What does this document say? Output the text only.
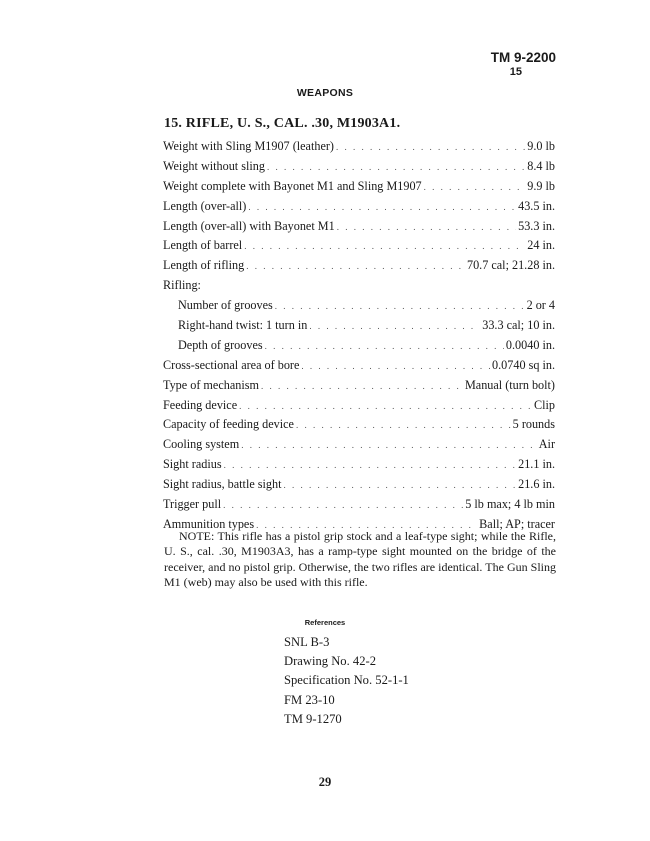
TM 9-2200
15
WEAPONS
15. RIFLE, U. S., CAL. .30, M1903A1.
Weight with Sling M1907 (leather) . . .	9.0 lb
Weight without sling . . .	8.4 lb
Weight complete with Bayonet M1 and Sling M1907 . . .	9.9 lb
Length (over-all) . . .	43.5 in.
Length (over-all) with Bayonet M1 . . .	53.3 in.
Length of barrel . . .	24 in.
Length of rifling . . .	70.7 cal; 21.28 in.
Rifling:
Number of grooves . . .	2 or 4
Right-hand twist: 1 turn in . . .	33.3 cal; 10 in.
Depth of grooves . . .	0.0040 in.
Cross-sectional area of bore . . .	0.0740 sq in.
Type of mechanism . . .	Manual (turn bolt)
Feeding device . . .	Clip
Capacity of feeding device . . .	5 rounds
Cooling system . . .	Air
Sight radius . . .	21.1 in.
Sight radius, battle sight . . .	21.6 in.
Trigger pull . . .	5 lb max; 4 lb min
Ammunition types . . .	Ball; AP; tracer
NOTE: This rifle has a pistol grip stock and a leaf-type sight; while the Rifle, U. S., cal. .30, M1903A3, has a ramp-type sight mounted on the bridge of the receiver, and no pistol grip. Otherwise, the two rifles are identical. The Gun Sling M1 (web) may also be used with this rifle.
References
SNL B-3
Drawing No. 42-2
Specification No. 52-1-1
FM 23-10
TM 9-1270
29
